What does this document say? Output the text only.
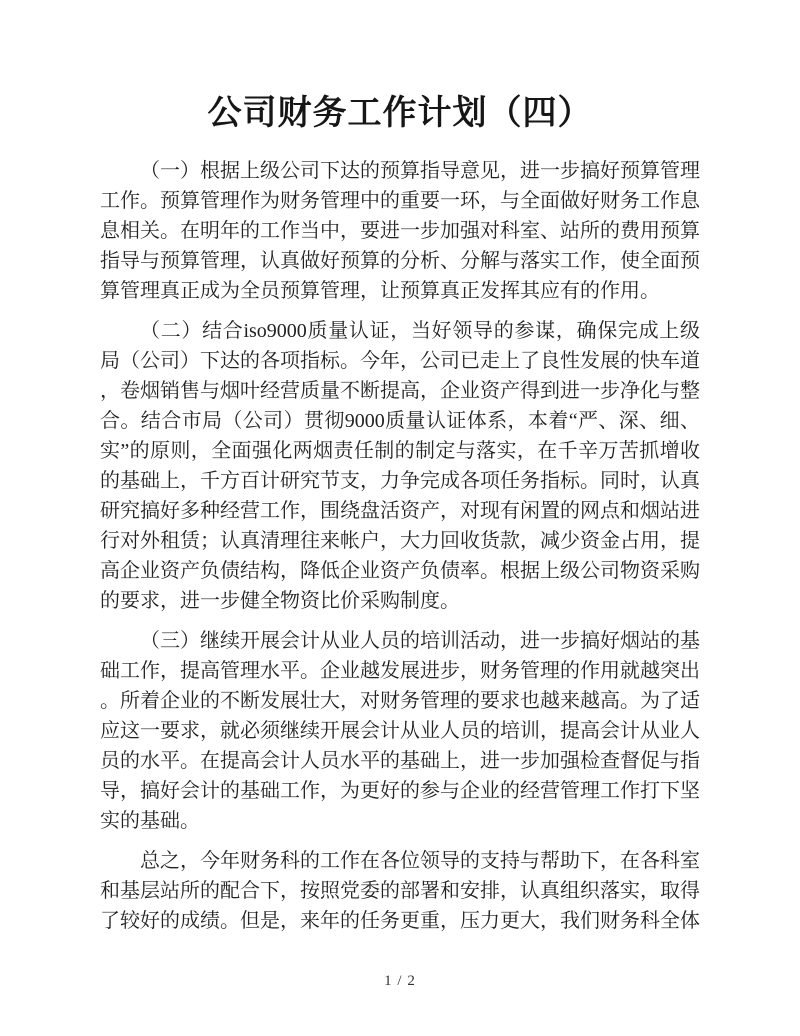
公司财务工作计划（四）

（一）根据上级公司下达的预算指导意见，进一步搞好预算管理工作。预算管理作为财务管理中的重要一环，与全面做好财务工作息息相关。在明年的工作当中，要进一步加强对科室、站所的费用预算指导与预算管理，认真做好预算的分析、分解与落实工作，使全面预算管理真正成为全员预算管理，让预算真正发挥其应有的作用。

（二）结合iso9000质量认证，当好领导的参谋，确保完成上级局（公司）下达的各项指标。今年，公司已走上了良性发展的快车道，卷烟销售与烟叶经营质量不断提高，企业资产得到进一步净化与整合。结合市局（公司）贯彻9000质量认证体系，本着“严、深、细、实”的原则，全面强化两烟责任制的制定与落实，在千辛万苦抓增收的基础上，千方百计研究节支，力争完成各项任务指标。同时，认真研究搞好多种经营工作，围绕盘活资产，对现有闲置的网点和烟站进行对外租赁；认真清理往来帐户，大力回收货款，减少资金占用，提高企业资产负债结构，降低企业资产负债率。根据上级公司物资采购的要求，进一步健全物资比价采购制度。

（三）继续开展会计从业人员的培训活动，进一步搞好烟站的基础工作，提高管理水平。企业越发展进步，财务管理的作用就越突出。所着企业的不断发展壮大，对财务管理的要求也越来越高。为了适应这一要求，就必须继续开展会计从业人员的培训，提高会计从业人员的水平。在提高会计人员水平的基础上，进一步加强检查督促与指导，搞好会计的基础工作，为更好的参与企业的经营管理工作打下坚实的基础。

总之，今年财务科的工作在各位领导的支持与帮助下，在各科室和基层站所的配合下，按照党委的部署和安排，认真组织落实，取得了较好的成绩。但是，来年的任务更重，压力更大，我们财务科全体

1 / 2
